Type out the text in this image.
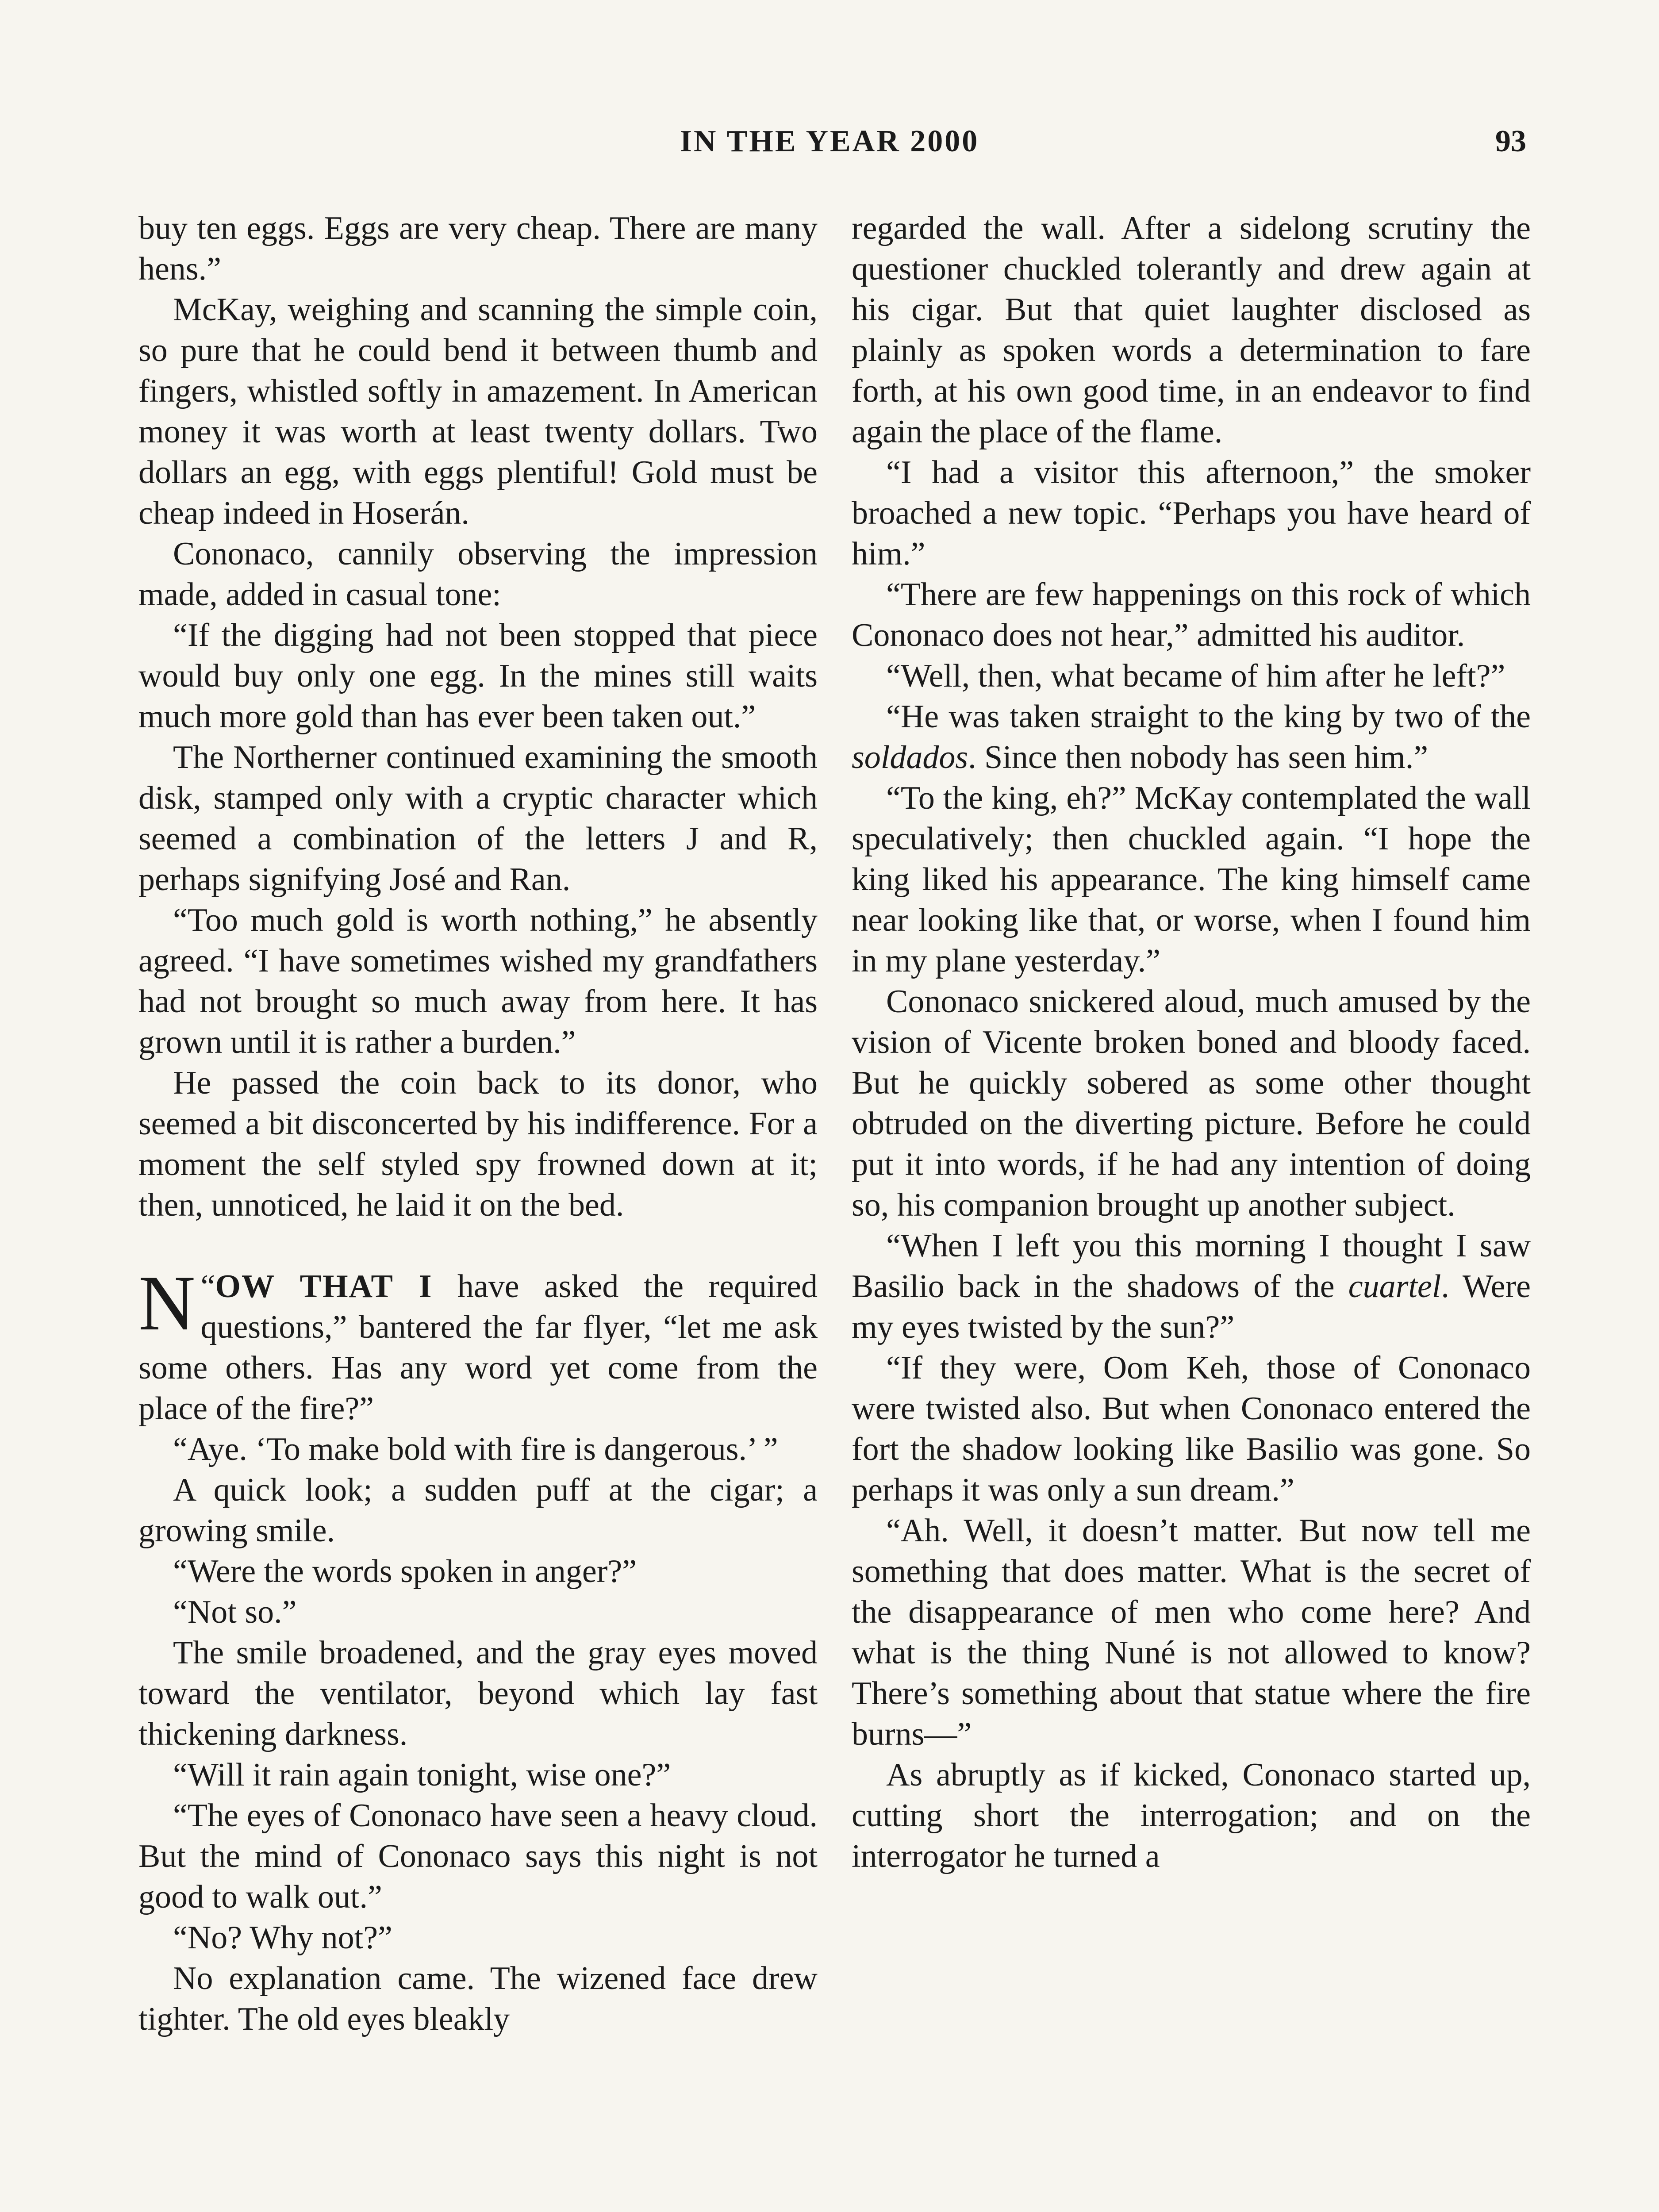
IN THE YEAR 2000	93

buy ten eggs. Eggs are very cheap. There are many hens.”

McKay, weighing and scanning the simple coin, so pure that he could bend it between thumb and fingers, whistled softly in amazement. In American money it was worth at least twenty dollars. Two dollars an egg, with eggs plentiful! Gold must be cheap indeed in Hoserán.

Cononaco, cannily observing the impression made, added in casual tone:

“If the digging had not been stopped that piece would buy only one egg. In the mines still waits much more gold than has ever been taken out.”

The Northerner continued examining the smooth disk, stamped only with a cryptic character which seemed a combination of the letters J and R, perhaps signifying José and Ran.

“Too much gold is worth nothing,” he absently agreed. “I have sometimes wished my grandfathers had not brought so much away from here. It has grown until it is rather a burden.”

He passed the coin back to its donor, who seemed a bit disconcerted by his indifference. For a moment the self styled spy frowned down at it; then, unnoticed, he laid it on the bed.

“
N OW THAT I have asked the required questions,” bantered the far flyer, “let me ask some others. Has any word yet come from the place of the fire?”

“Aye. ‘To make bold with fire is dangerous.’ ”

A quick look; a sudden puff at the cigar; a growing smile.

“Were the words spoken in anger?”

“Not so.”

The smile broadened, and the gray eyes moved toward the ventilator, beyond which lay fast thickening darkness.

“Will it rain again tonight, wise one?”

“The eyes of Cononaco have seen a heavy cloud. But the mind of Cononaco says this night is not good to walk out.”

“No? Why not?”

No explanation came. The wizened face drew tighter. The old eyes bleakly

regarded the wall. After a sidelong scrutiny the questioner chuckled tolerantly and drew again at his cigar. But that quiet laughter disclosed as plainly as spoken words a determination to fare forth, at his own good time, in an endeavor to find again the place of the flame.

“I had a visitor this afternoon,” the smoker broached a new topic. “Perhaps you have heard of him.”

“There are few happenings on this rock of which Cononaco does not hear,” admitted his auditor.

“Well, then, what became of him after he left?”

“He was taken straight to the king by two of the soldados. Since then nobody has seen him.”

“To the king, eh?” McKay contemplated the wall speculatively; then chuckled again. “I hope the king liked his appearance. The king himself came near looking like that, or worse, when I found him in my plane yesterday.”

Cononaco snickered aloud, much amused by the vision of Vicente broken boned and bloody faced. But he quickly sobered as some other thought obtruded on the diverting picture. Before he could put it into words, if he had any intention of doing so, his companion brought up another subject.

“When I left you this morning I thought I saw Basilio back in the shadows of the cuartel. Were my eyes twisted by the sun?”

“If they were, Oom Keh, those of Cononaco were twisted also. But when Cononaco entered the fort the shadow looking like Basilio was gone. So perhaps it was only a sun dream.”

“Ah. Well, it doesn’t matter. But now tell me something that does matter. What is the secret of the disappearance of men who come here? And what is the thing Nuné is not allowed to know? There’s something about that statue where the fire burns—”

As abruptly as if kicked, Cononaco started up, cutting short the interrogation; and on the interrogator he turned a
